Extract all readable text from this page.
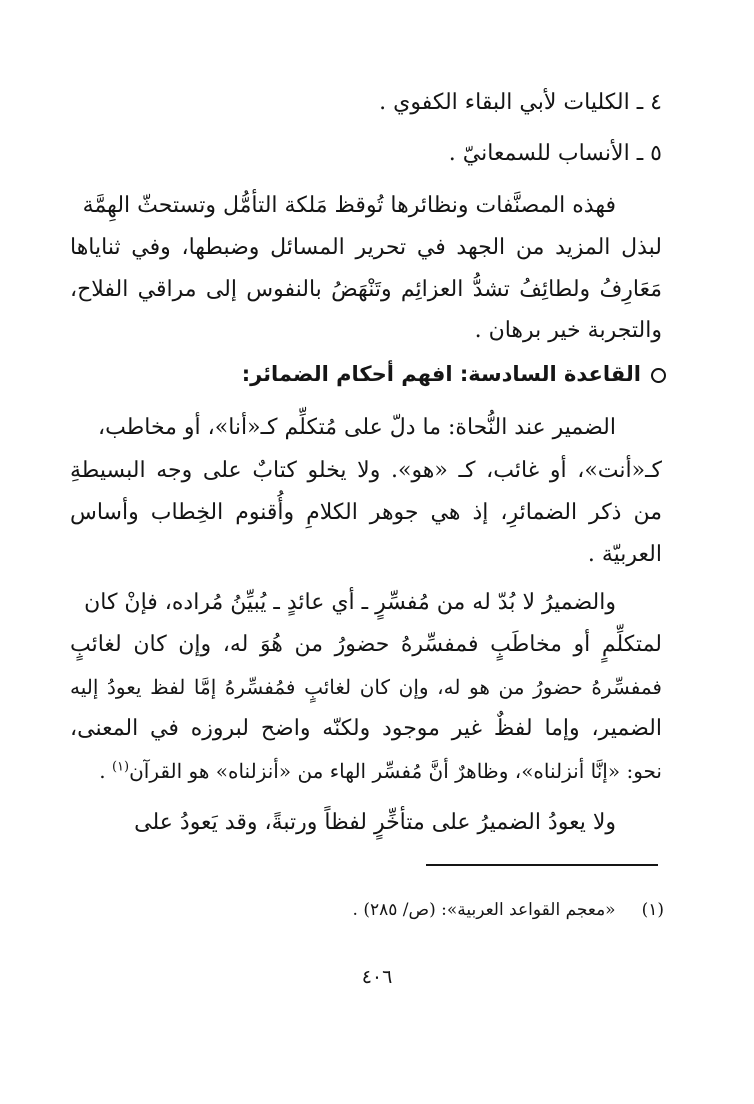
٤ ـ الكليات لأبي البقاء الكفوي .
٥ ـ الأنساب للسمعانيّ .
فهذه المصنَّفات ونظائرها تُوقظ مَلكة التأمُّل وتستحثّ الهِمَّة
لبذل المزيد من الجهد في تحرير المسائل وضبطها، وفي ثناياها
مَعَارِفُ ولطائِفُ تشدُّ العزائِم وتَنْهَضُ بالنفوس إلى مراقي الفلاح،
والتجربة خير برهان .
القاعدة السادسة: افهم أحكام الضمائر:
الضمير عند النُّحاة: ما دلّ على مُتكلِّم كـ«أنا»، أو مخاطب،
كـ«أنت»، أو غائب، كـ «هو». ولا يخلو كتابٌ على وجه البسيطةِ
من ذكر الضمائرِ، إذ هي جوهر الكلامِ وأُقنوم الخِطاب وأساس
العربيّة .
والضميرُ لا بُدّ له من مُفسِّرٍ ـ أي عائدٍ ـ يُبيِّنُ مُراده، فإنْ كان
لمتكلِّمٍ أو مخاطَبٍ فمفسِّرهُ حضورُ من هُوَ له، وإن كان لغائبٍ
فمفسِّرهُ حضورُ من هو له، وإن كان لغائبٍ فمُفسِّرهُ إمَّا لفظ يعودُ إليه
الضمير، وإما لفظٌ غير موجود ولكنّه واضح لبروزه في المعنى،
نحو: «إنَّا أنزلناه»، وظاهرٌ أنَّ مُفسِّر الهاء من «أنزلناه» هو القرآن$^{(١)}$ .
ولا يعودُ الضميرُ على متأخِّرٍ لفظاً ورتبةً، وقد يَعودُ على
(١)«معجم القواعد العربية»: (ص/ ٢٨٥) .
٤٠٦
